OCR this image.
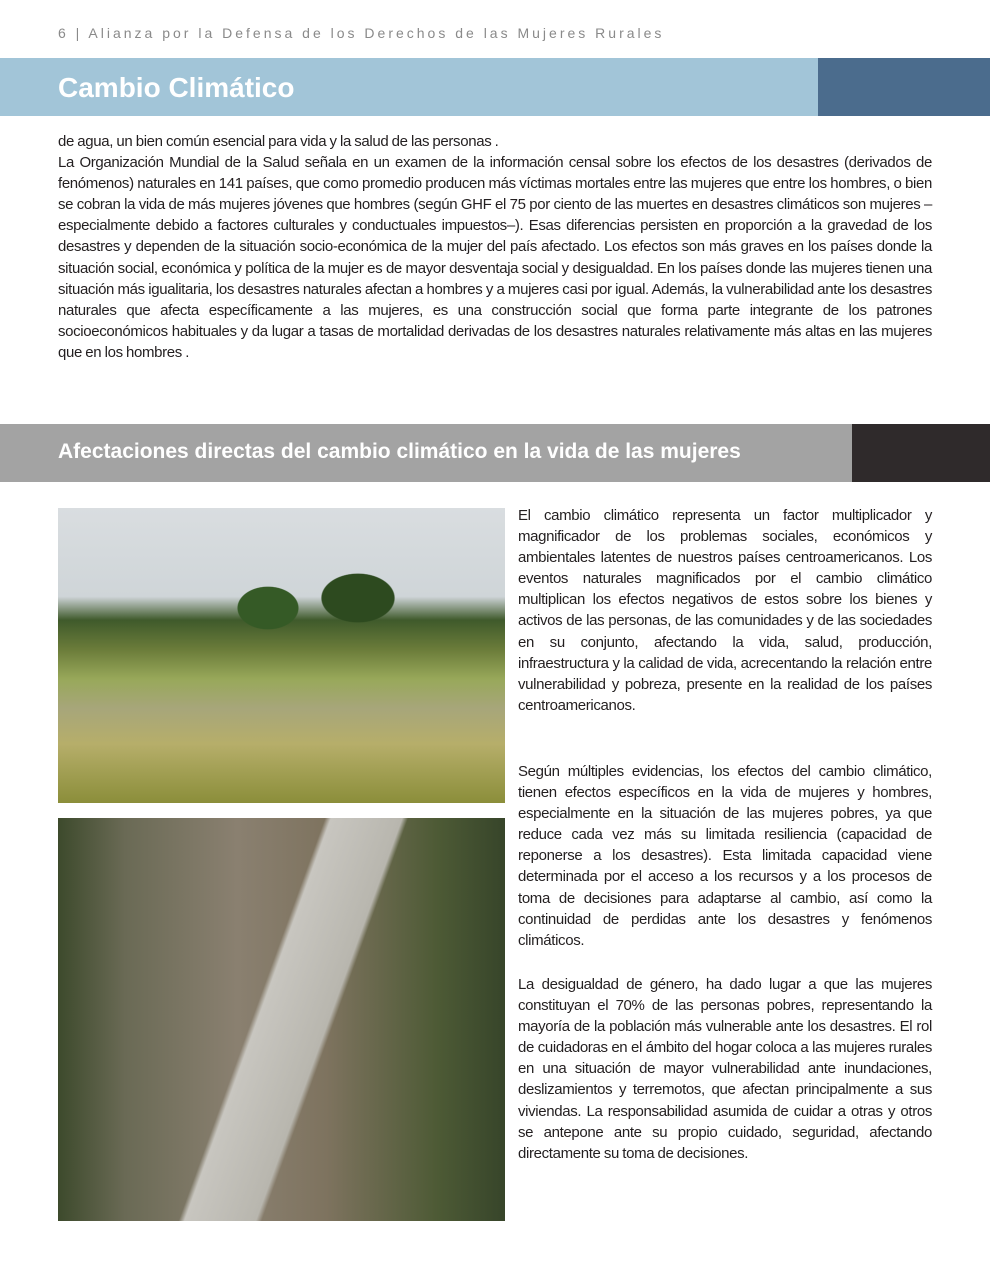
6 | Alianza por la Defensa de los Derechos de las Mujeres Rurales
Cambio Climático
de agua, un bien común esencial para vida y la salud de las personas .
La Organización Mundial de la Salud señala en un examen de la información censal sobre los efectos de los desastres (derivados de fenómenos) naturales en 141 países, que como promedio producen más víctimas mortales entre las mujeres que entre los hombres, o bien se cobran la vida de más mujeres jóvenes que hombres (según GHF el 75 por ciento de las muertes en desastres climáticos son mujeres –especialmente debido a factores culturales y conductuales impuestos–). Esas diferencias persisten en proporción a la gravedad de los desastres y dependen de la situación socio-económica de la mujer del país afectado. Los efectos son más graves en los países donde la situación social, económica y política de la mujer es de mayor desventaja social y desigualdad. En los países donde las mujeres tienen una situación más igualitaria, los desastres naturales afectan a hombres y a mujeres casi por igual. Además, la vulnerabilidad ante los desastres naturales que afecta específicamente a las mujeres, es una construcción social que forma parte integrante de los patrones socioeconómicos habituales y da lugar a tasas de mortalidad derivadas de los desastres naturales relativamente más altas en las mujeres que en los hombres .
Afectaciones directas del cambio climático en la vida de las mujeres

El cambio climático representa un factor multiplicador y magnificador de los problemas sociales, económicos y ambientales latentes de nuestros países centroamericanos. Los eventos naturales magnificados por el cambio climático multiplican los efectos negativos de estos sobre los bienes y activos de las personas, de las comunidades y de las sociedades en su conjunto, afectando la vida, salud, producción, infraestructura y la calidad de vida, acrecentando la relación entre vulnerabilidad y pobreza, presente en la realidad de los países centroamericanos.

Según múltiples evidencias, los efectos del cambio climático, tienen efectos específicos en la vida de mujeres y hombres, especialmente en la situación de las mujeres pobres, ya que reduce cada vez más su limitada resiliencia (capacidad de reponerse a los desastres). Esta limitada capacidad viene determinada por el acceso a los recursos y a los procesos de toma de decisiones para adaptarse al cambio, así como la continuidad de perdidas ante los desastres y fenómenos climáticos.

La desigualdad de género, ha dado lugar a que las mujeres constituyan el 70% de las personas pobres, representando la mayoría de la población más vulnerable ante los desastres. El rol de cuidadoras en el ámbito del hogar coloca a las mujeres rurales en una situación de mayor vulnerabilidad ante inundaciones, deslizamientos y terremotos, que afectan principalmente a sus viviendas. La responsabilidad asumida de cuidar a otras y otros se antepone ante su propio cuidado, seguridad, afectando directamente su toma de decisiones.
